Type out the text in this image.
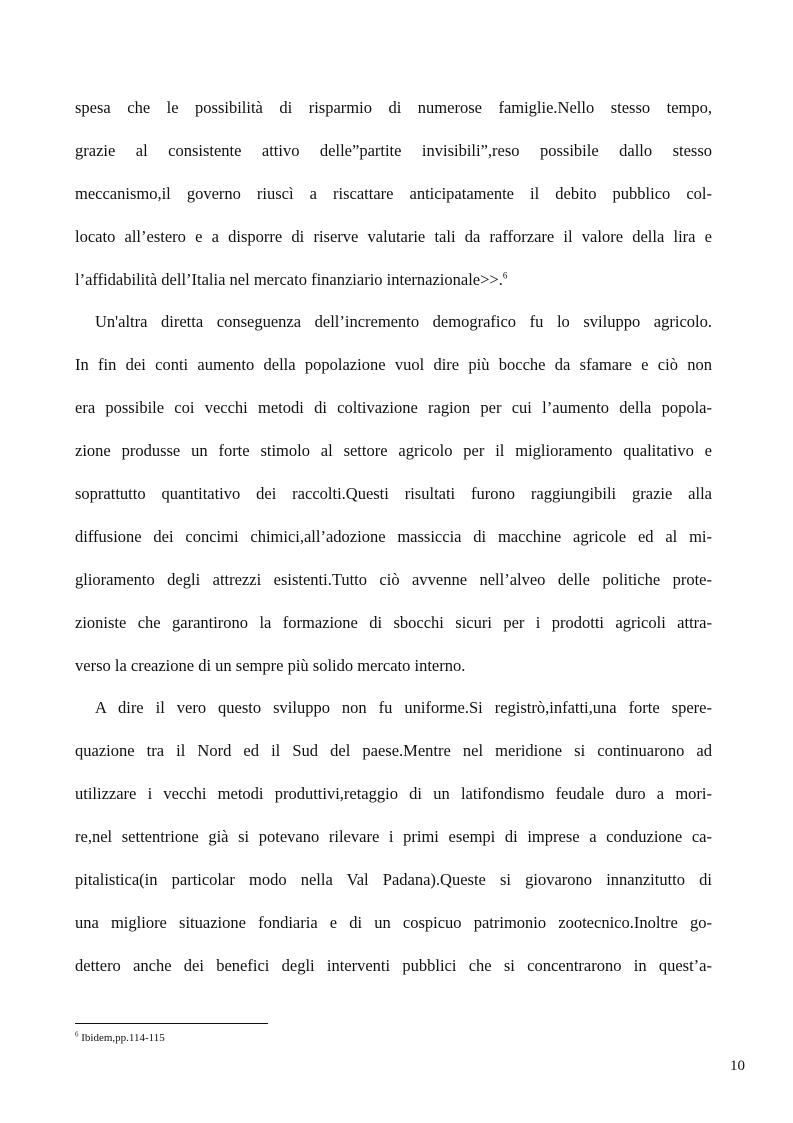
spesa che le possibilità di risparmio di numerose famiglie.Nello stesso tempo,
grazie al consistente attivo delle”partite invisibili”,reso possibile dallo stesso
meccanismo,il governo riuscì a riscattare anticipatamente il debito pubblico col-
locato all’estero e a disporre di riserve valutarie tali da rafforzare il valore della lira e
l’affidabilità dell’Italia nel mercato finanziario internazionale>>.$^6$
Un'altra diretta conseguenza dell’incremento demografico fu lo sviluppo agricolo.
In fin dei conti aumento della popolazione vuol dire più bocche da sfamare e ciò non
era possibile coi vecchi metodi di coltivazione ragion per cui l’aumento della popola-
zione produsse un forte stimolo al settore agricolo per il miglioramento qualitativo e
soprattutto quantitativo dei raccolti.Questi risultati furono raggiungibili grazie alla
diffusione dei concimi chimici,all’adozione massiccia di macchine agricole ed al mi-
glioramento degli attrezzi esistenti.Tutto ciò avvenne nell’alveo delle politiche prote-
zioniste che garantirono la formazione di sbocchi sicuri per i prodotti agricoli attra-
verso la creazione di un sempre più solido mercato interno.
A dire il vero questo sviluppo non fu uniforme.Si registrò,infatti,una forte spere-
quazione tra il Nord ed il Sud del paese.Mentre nel meridione si continuarono ad
utilizzare i vecchi metodi produttivi,retaggio di un latifondismo feudale duro a mori-
re,nel settentrione già si potevano rilevare i primi esempi di imprese a conduzione ca-
pitalistica(in particolar modo nella Val Padana).Queste si giovarono innanzitutto di
una migliore situazione fondiaria e di un cospicuo patrimonio zootecnico.Inoltre go-
dettero anche dei benefici degli interventi pubblici che si concentrarono in quest’a-
$^6$ Ibidem,pp.114-115
10
